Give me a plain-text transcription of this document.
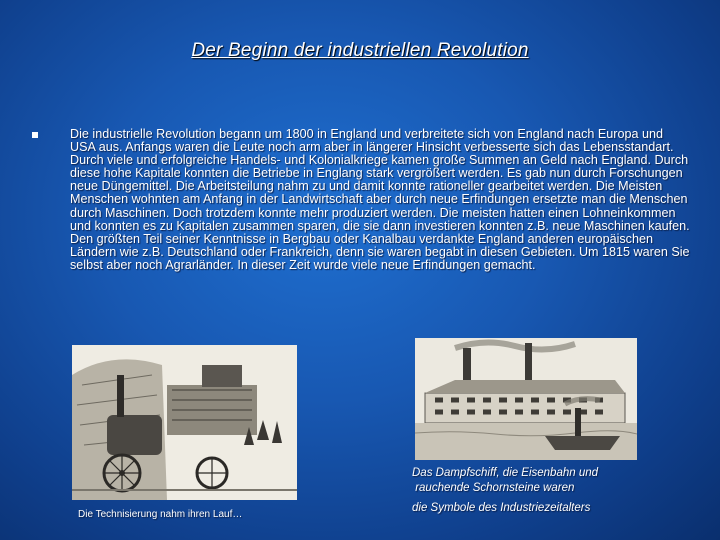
Der Beginn der industriellen Revolution
Die industrielle Revolution begann um 1800 in England und verbreitete sich von England nach Europa und USA aus. Anfangs waren die Leute noch arm aber in längerer Hinsicht verbesserte sich das Lebensstandart. Durch viele und erfolgreiche Handels- und Kolonialkriege kamen große Summen an Geld nach England. Durch diese hohe Kapitale konnten die Betriebe in Englang stark vergrößert werden. Es gab nun durch Forschungen neue Düngemittel. Die Arbeitsteilung nahm zu und damit konnte rationeller gearbeitet werden. Die Meisten Menschen wohnten am Anfang in der Landwirtschaft aber durch neue Erfindungen ersetzte man die Menschen durch Maschinen. Doch trotzdem konnte mehr produziert werden. Die meisten hatten einen Lohneinkommen und konnten es zu Kapitalen zusammen sparen, die sie dann investieren konnten z.B. neue Maschinen kaufen. Den größten Teil seiner Kenntnisse in Bergbau oder Kanalbau verdankte England anderen europäischen Ländern wie z.B. Deutschland oder Frankreich, denn sie waren begabt in diesen Gebieten. Um 1815 waren Sie selbst aber noch Agrarländer. In dieser Zeit wurde viele neue Erfindungen gemacht.
Das Dampfschiff, die Eisenbahn und
rauchende Schornsteine waren
die Symbole des Industriezeitalters
Die Technisierung nahm ihren Lauf…
